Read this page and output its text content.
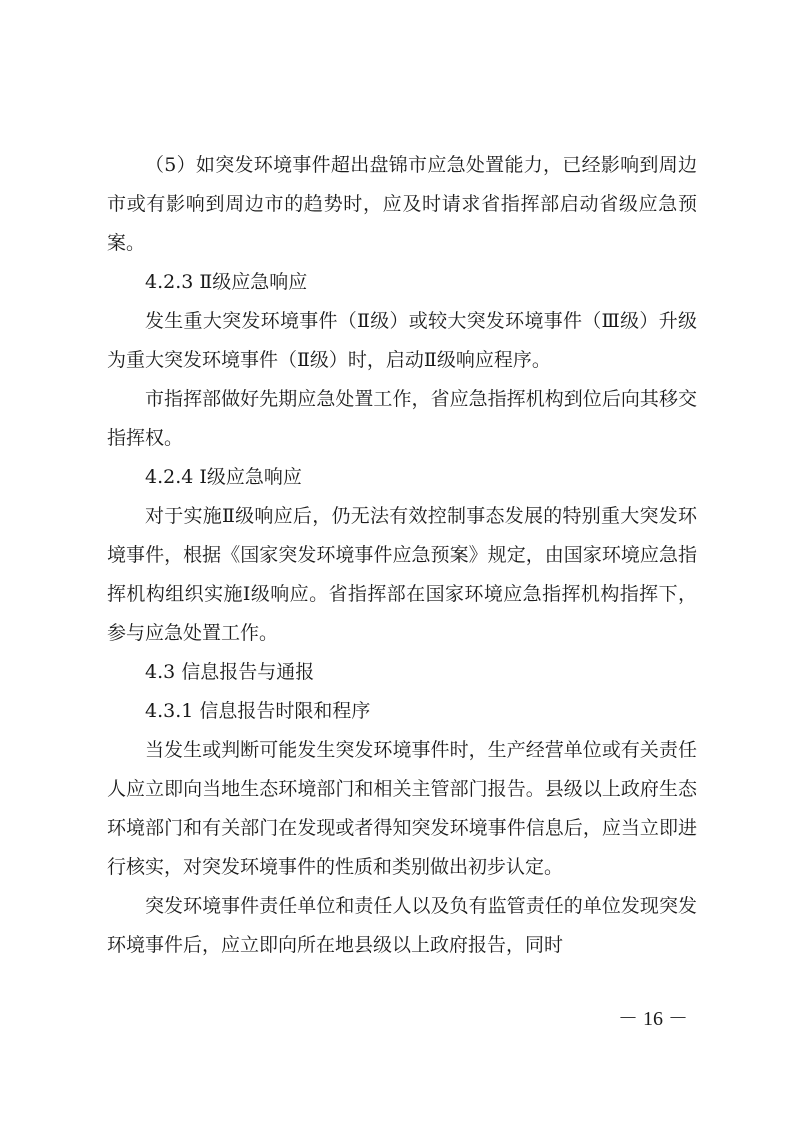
（5）如突发环境事件超出盘锦市应急处置能力，已经影响到周边市或有影响到周边市的趋势时，应及时请求省指挥部启动省级应急预案。

4.2.3 Ⅱ级应急响应

发生重大突发环境事件（Ⅱ级）或较大突发环境事件（Ⅲ级）升级为重大突发环境事件（Ⅱ级）时，启动Ⅱ级响应程序。

市指挥部做好先期应急处置工作，省应急指挥机构到位后向其移交指挥权。

4.2.4 Ⅰ级应急响应

对于实施Ⅱ级响应后，仍无法有效控制事态发展的特别重大突发环境事件，根据《国家突发环境事件应急预案》规定，由国家环境应急指挥机构组织实施Ⅰ级响应。省指挥部在国家环境应急指挥机构指挥下，参与应急处置工作。

4.3 信息报告与通报

4.3.1 信息报告时限和程序

当发生或判断可能发生突发环境事件时，生产经营单位或有关责任人应立即向当地生态环境部门和相关主管部门报告。县级以上政府生态环境部门和有关部门在发现或者得知突发环境事件信息后，应当立即进行核实，对突发环境事件的性质和类别做出初步认定。

突发环境事件责任单位和责任人以及负有监管责任的单位发现突发环境事件后，应立即向所在地县级以上政府报告，同时

－ 16 －
